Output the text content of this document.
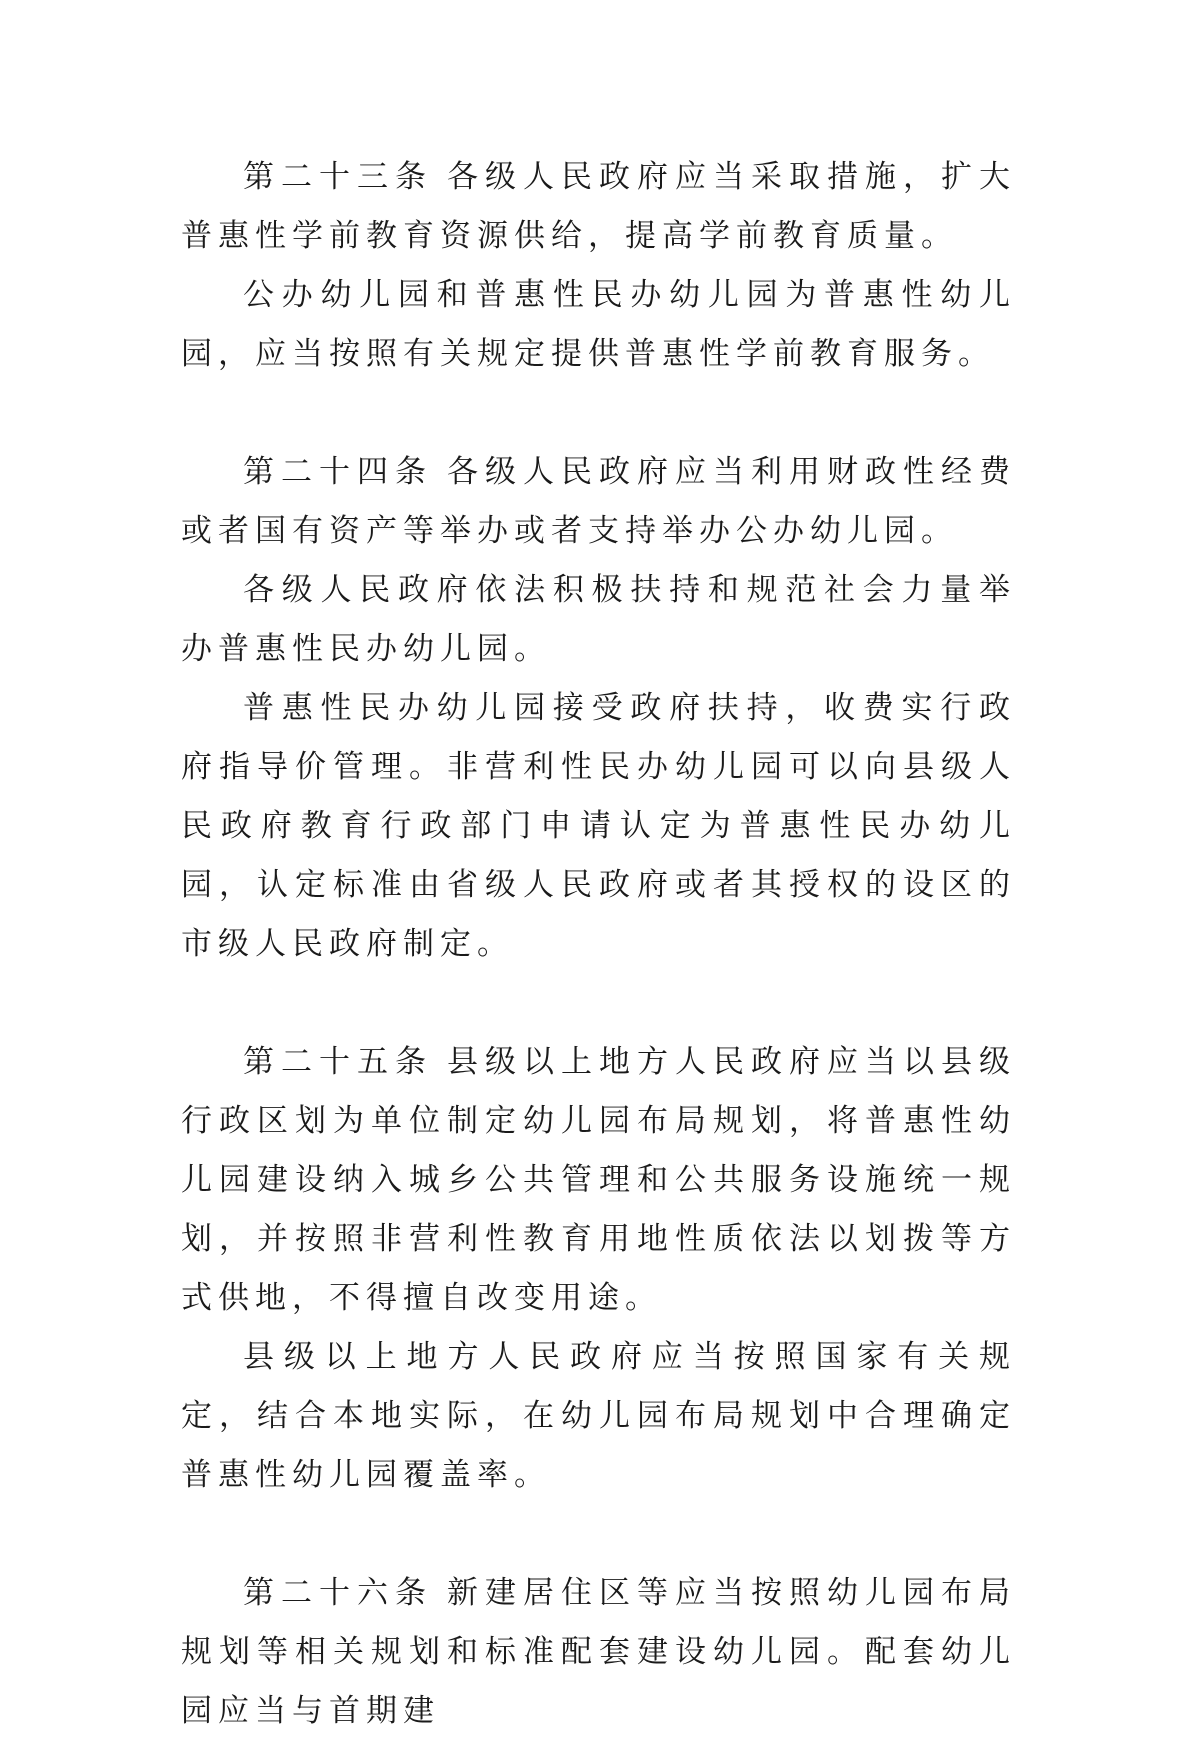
第二十三条 各级人民政府应当采取措施，扩大普惠性学前教育资源供给，提高学前教育质量。

公办幼儿园和普惠性民办幼儿园为普惠性幼儿园，应当按照有关规定提供普惠性学前教育服务。

第二十四条 各级人民政府应当利用财政性经费或者国有资产等举办或者支持举办公办幼儿园。

各级人民政府依法积极扶持和规范社会力量举办普惠性民办幼儿园。

普惠性民办幼儿园接受政府扶持，收费实行政府指导价管理。非营利性民办幼儿园可以向县级人民政府教育行政部门申请认定为普惠性民办幼儿园，认定标准由省级人民政府或者其授权的设区的市级人民政府制定。

第二十五条 县级以上地方人民政府应当以县级行政区划为单位制定幼儿园布局规划，将普惠性幼儿园建设纳入城乡公共管理和公共服务设施统一规划，并按照非营利性教育用地性质依法以划拨等方式供地，不得擅自改变用途。

县级以上地方人民政府应当按照国家有关规定，结合本地实际，在幼儿园布局规划中合理确定普惠性幼儿园覆盖率。

第二十六条 新建居住区等应当按照幼儿园布局规划等相关规划和标准配套建设幼儿园。配套幼儿园应当与首期建
